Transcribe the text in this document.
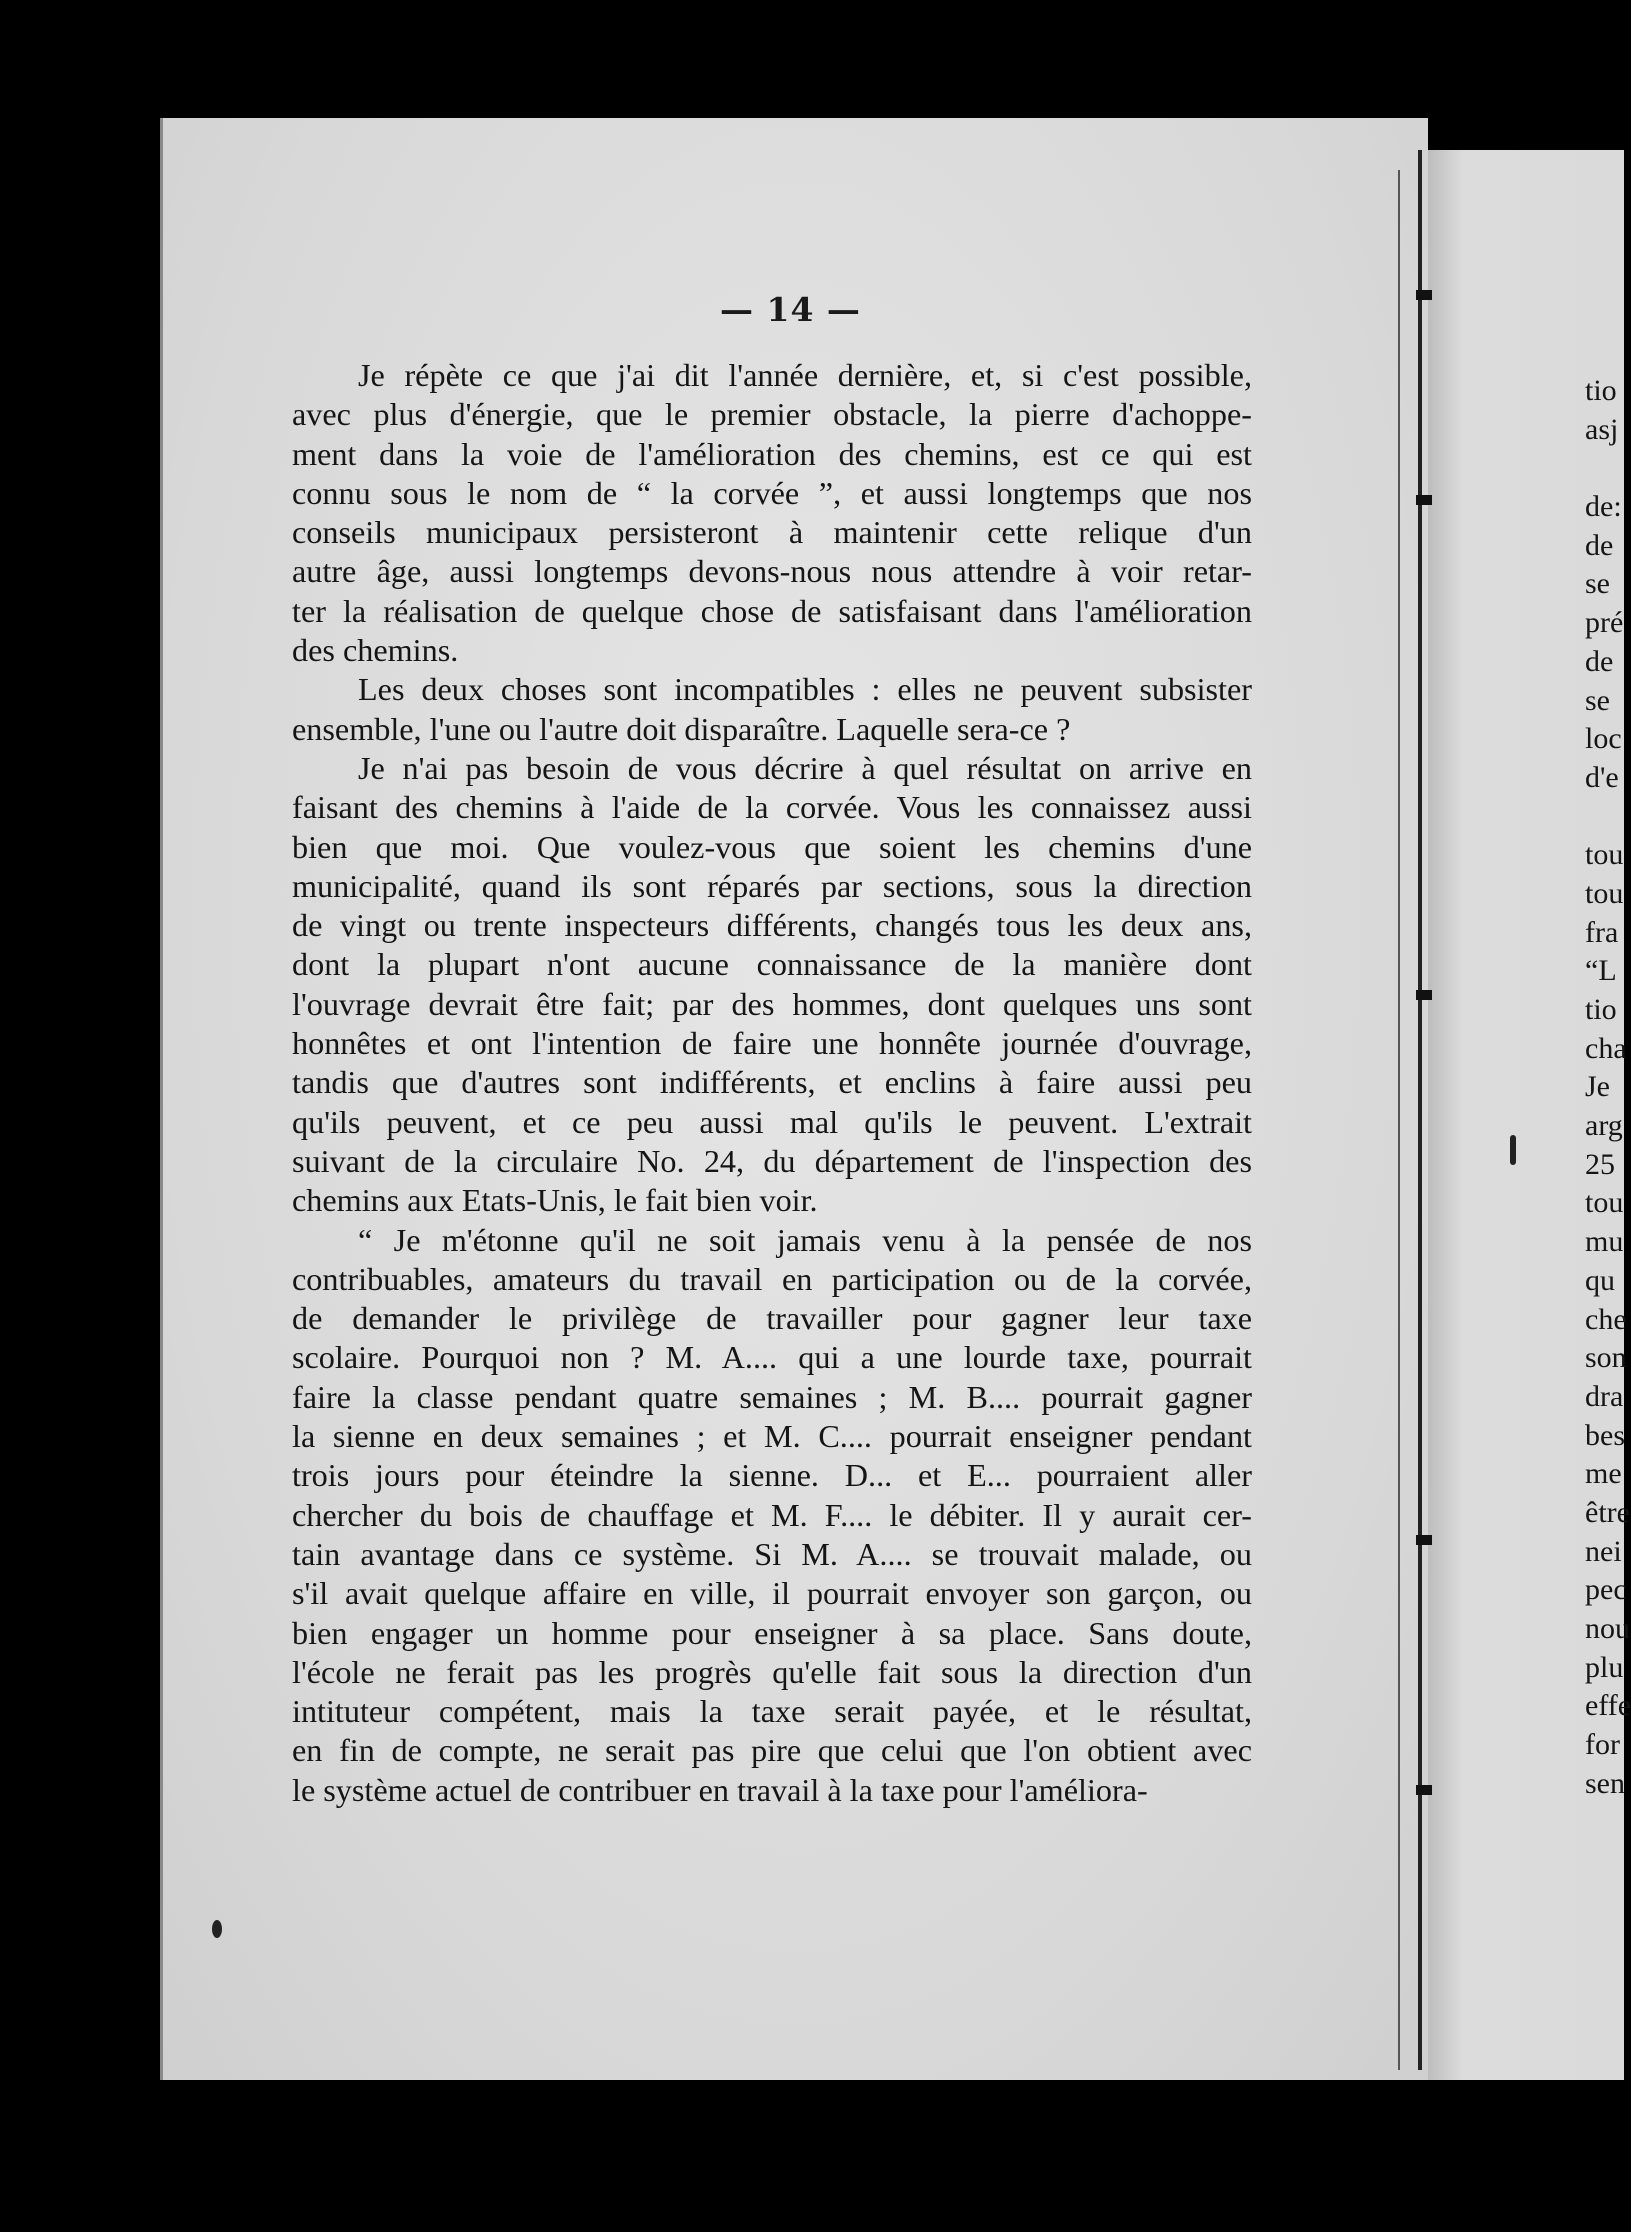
— 14 —

Je répète ce que j'ai dit l'année dernière, et, si c'est possible,
avec plus d'énergie, que le premier obstacle, la pierre d'achoppe-
ment dans la voie de l'amélioration des chemins, est ce qui est
connu sous le nom de “ la corvée ”, et aussi longtemps que nos
conseils municipaux persisteront à maintenir cette relique d'un
autre âge, aussi longtemps devons-nous nous attendre à voir retar-
ter la réalisation de quelque chose de satisfaisant dans l'amélioration
des chemins.

Les deux choses sont incompatibles : elles ne peuvent subsister
ensemble, l'une ou l'autre doit disparaître. Laquelle sera-ce ?

Je n'ai pas besoin de vous décrire à quel résultat on arrive en
faisant des chemins à l'aide de la corvée. Vous les connaissez aussi
bien que moi. Que voulez-vous que soient les chemins d'une
municipalité, quand ils sont réparés par sections, sous la direction
de vingt ou trente inspecteurs différents, changés tous les deux ans,
dont la plupart n'ont aucune connaissance de la manière dont
l'ouvrage devrait être fait; par des hommes, dont quelques uns sont
honnêtes et ont l'intention de faire une honnête journée d'ouvrage,
tandis que d'autres sont indifférents, et enclins à faire aussi peu
qu'ils peuvent, et ce peu aussi mal qu'ils le peuvent. L'extrait
suivant de la circulaire No. 24, du département de l'inspection des
chemins aux Etats-Unis, le fait bien voir.

“ Je m'étonne qu'il ne soit jamais venu à la pensée de nos
contribuables, amateurs du travail en participation ou de la corvée,
de demander le privilège de travailler pour gagner leur taxe
scolaire. Pourquoi non ? M. A.... qui a une lourde taxe, pourrait
faire la classe pendant quatre semaines ; M. B.... pourrait gagner
la sienne en deux semaines ; et M. C.... pourrait enseigner pendant
trois jours pour éteindre la sienne. D... et E... pourraient aller
chercher du bois de chauffage et M. F.... le débiter. Il y aurait cer-
tain avantage dans ce système. Si M. A.... se trouvait malade, ou
s'il avait quelque affaire en ville, il pourrait envoyer son garçon, ou
bien engager un homme pour enseigner à sa place. Sans doute,
l'école ne ferait pas les progrès qu'elle fait sous la direction d'un
intituteur compétent, mais la taxe serait payée, et le résultat,
en fin de compte, ne serait pas pire que celui que l'on obtient avec
le système actuel de contribuer en travail à la taxe pour l'améliora-

tio
asj
de:
de
se
pré
de
se
loc
d'e
tou
tou
fra
“L
tio
cha
Je
arg
25
tou
mu
qu
che
son
dra
bes
me
être
nei
pec
nou
plu
effe
for
sen
